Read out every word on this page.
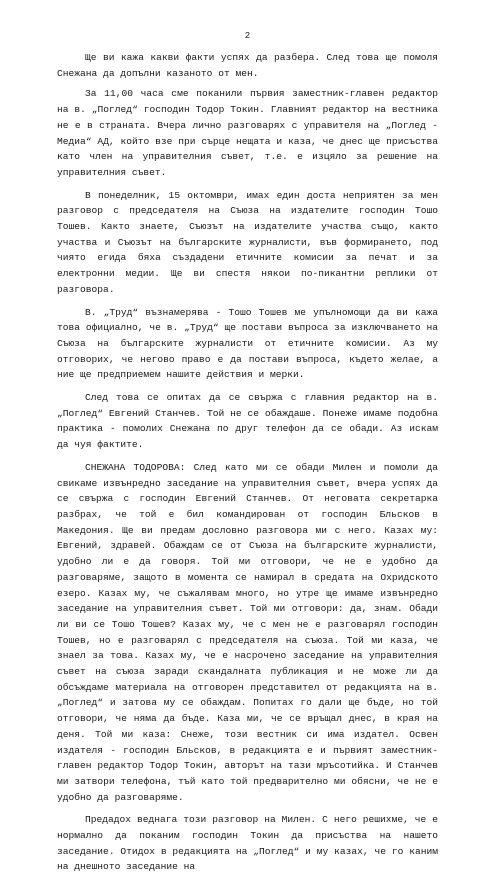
2

Ще ви кажа какви факти успях да разбера. След това ще помоля Снежана да допълни казаното от мен.

За 11,00 часа сме поканили първия заместник-главен редактор на в. „Поглед“ господин Тодор Токин. Главният редактор на вестника не е в страната. Вчера лично разговарях с управителя на „Поглед - Медиа“ АД, който взе при сърце нещата и каза, че днес ще присъства като член на управителния съвет, т.е. е изцяло за решение на управителния съвет.

В понеделник, 15 октомври, имах един доста неприятен за мен разговор с председателя на Съюза на издателите господин Тошо Тошев. Както знаете, Съюзът на издателите участва също, както участва и Съюзът на българските журналисти, във формирането, под чиято егида бяха създадени етичните комисии за печат и за електронни медии. Ще ви спестя някои по-пикантни реплики от разговора.

В. „Труд“ възнамерява - Тошо Тошев ме упълномощи да ви кажа това официално, че в. „Труд“ ще постави въпроса за изключването на Съюза на българските журналисти от етичните комисии. Аз му отговорих, че негово право е да постави въпроса, където желае, а ние ще предприемем нашите действия и мерки.

След това се опитах да се свържа с главния редактор на в. „Поглед“ Евгений Станчев. Той не се обаждаше. Понеже имаме подобна практика - помолих Снежана по друг телефон да се обади. Аз искам да чуя фактите.

СНЕЖАНА ТОДОРОВА: След като ми се обади Милен и помоли да свикаме извънредно заседание на управителния съвет, вчера успях да се свържа с господин Евгений Станчев. От неговата секретарка разбрах, че той е бил командирован от господин Бльсков в Македония. Ще ви предам дословно разговора ми с него. Казах му: Евгений, здравей. Обаждам се от Съюза на българските журналисти, удобно ли е да говоря. Той ми отговори, че не е удобно да разговаряме, защото в момента се намирал в средата на Охридското езеро. Казах му, че съжалявам много, но утре ще имаме извънредно заседание на управителния съвет. Той ми отговори: да, знам. Обади ли ви се Тошо Тошев? Казах му, че с мен не е разговарял господин Тошев, но е разговарял с председателя на съюза. Той ми каза, че знаел за това. Казах му, че е насрочено заседание на управителния съвет на съюза заради скандалната публикация и не може ли да обсъждаме материала на отговорен представител от редакцията на в. „Поглед“ и затова му се обаждам. Попитах го дали ще бъде, но той отговори, че няма да бъде. Каза ми, че се връщал днес, в края на деня. Той ми каза: Снеже, този вестник си има издател. Освен издателя - господин Бльсков, в редакцията е и първият заместник-главен редактор Тодор Токин, авторът на тази мръсотийка. И Станчев ми затвори телефона, тъй като той предварително ми обясни, че не е удобно да разговаряме.

Предадох веднага този разговор на Милен. С него решихме, че е нормално да поканим господин Токин да присъства на нашето заседание. Отидох в редакцията на „Поглед“ и му казах, че го каним на днешното заседание на
